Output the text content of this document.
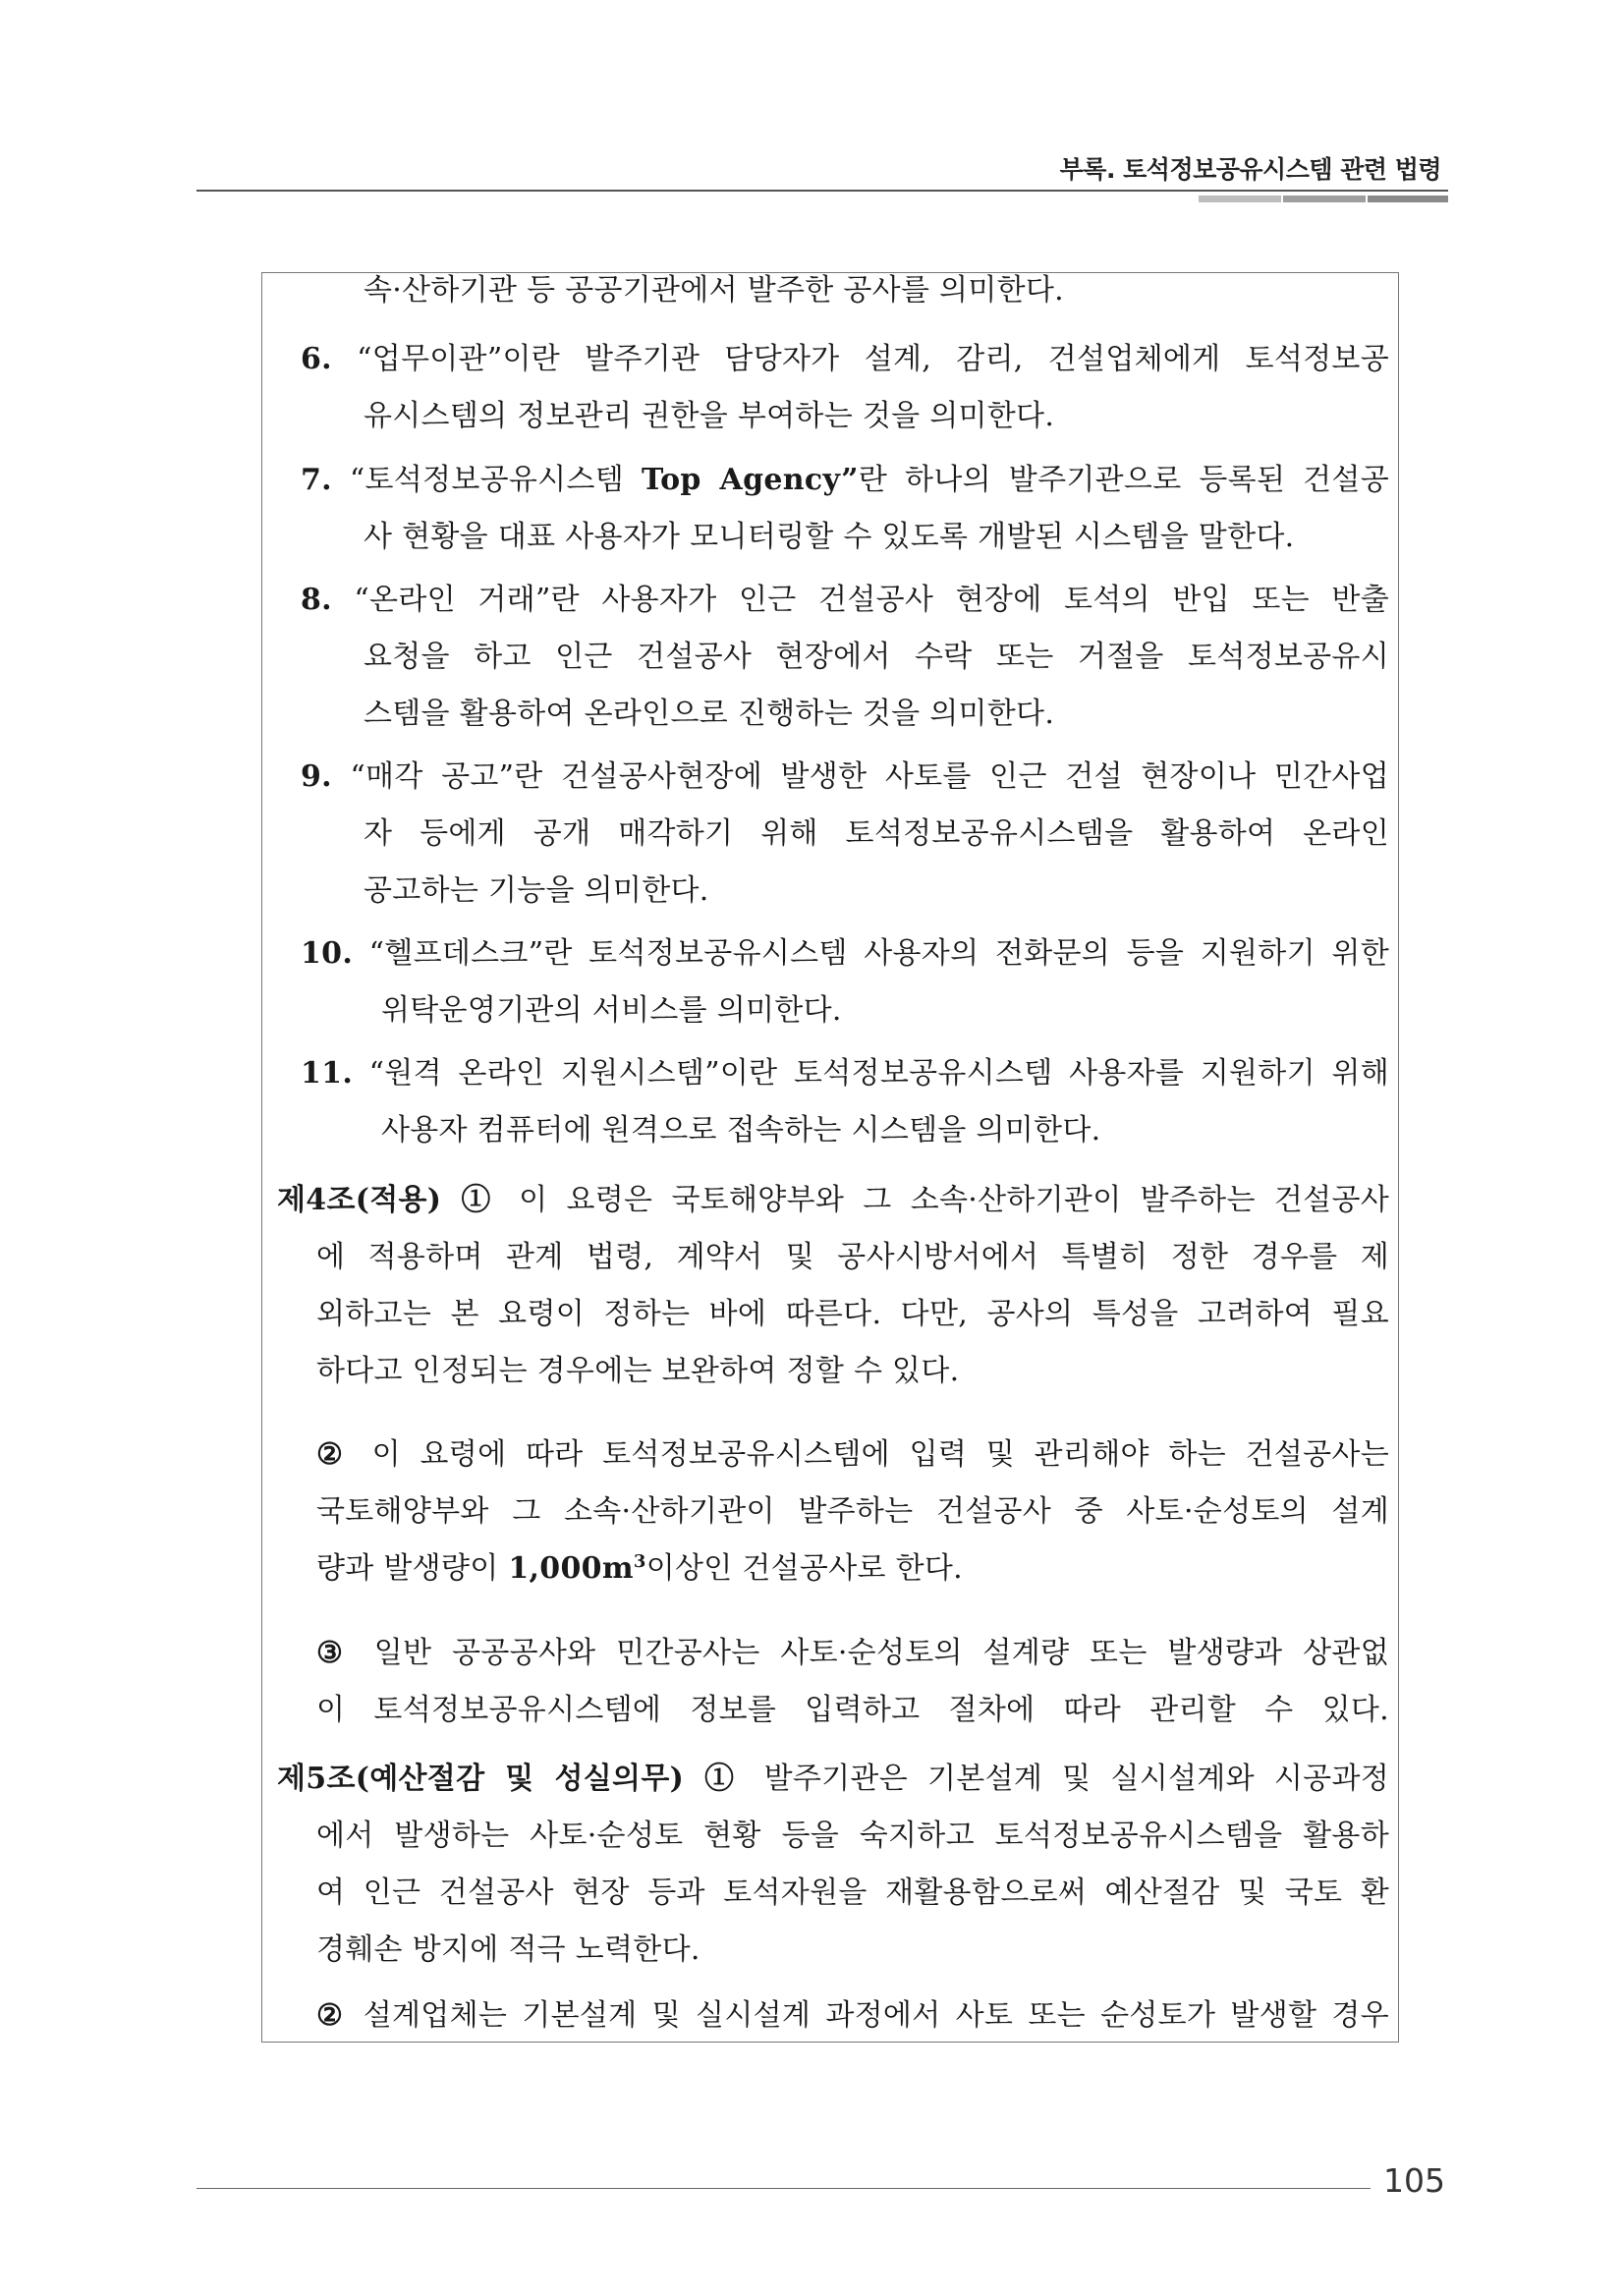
부록. 토석정보공유시스템 관련 법령
속·산하기관 등 공공기관에서 발주한 공사를 의미한다.
6. “업무이관”이란 발주기관 담당자가 설계, 감리, 건설업체에게 토석정보공
유시스템의 정보관리 권한을 부여하는 것을 의미한다.
7. “토석정보공유시스템 Top Agency”란 하나의 발주기관으로 등록된 건설공
사 현황을 대표 사용자가 모니터링할 수 있도록 개발된 시스템을 말한다.
8. “온라인 거래”란 사용자가 인근 건설공사 현장에 토석의 반입 또는 반출
요청을 하고 인근 건설공사 현장에서 수락 또는 거절을 토석정보공유시
스템을 활용하여 온라인으로 진행하는 것을 의미한다.
9. “매각 공고”란 건설공사현장에 발생한 사토를 인근 건설 현장이나 민간사업
자 등에게 공개 매각하기 위해 토석정보공유시스템을 활용하여 온라인
공고하는 기능을 의미한다.
10. “헬프데스크”란 토석정보공유시스템 사용자의 전화문의 등을 지원하기 위한
위탁운영기관의 서비스를 의미한다.
11. “원격 온라인 지원시스템”이란 토석정보공유시스템 사용자를 지원하기 위해
사용자 컴퓨터에 원격으로 접속하는 시스템을 의미한다.
제4조(적용) ① 이 요령은 국토해양부와 그 소속·산하기관이 발주하는 건설공사
에 적용하며 관계 법령, 계약서 및 공사시방서에서 특별히 정한 경우를 제
외하고는 본 요령이 정하는 바에 따른다. 다만, 공사의 특성을 고려하여 필요
하다고 인정되는 경우에는 보완하여 정할 수 있다.
② 이 요령에 따라 토석정보공유시스템에 입력 및 관리해야 하는 건설공사는
국토해양부와 그 소속·산하기관이 발주하는 건설공사 중 사토·순성토의 설계
량과 발생량이 $1,000m^3$이상인 건설공사로 한다.
③ 일반 공공공사와 민간공사는 사토·순성토의 설계량 또는 발생량과 상관없
이 토석정보공유시스템에 정보를 입력하고 절차에 따라 관리할 수 있다.
제5조(예산절감 및 성실의무) ① 발주기관은 기본설계 및 실시설계와 시공과정
에서 발생하는 사토·순성토 현황 등을 숙지하고 토석정보공유시스템을 활용하
여 인근 건설공사 현장 등과 토석자원을 재활용함으로써 예산절감 및 국토 환
경훼손 방지에 적극 노력한다.
② 설계업체는 기본설계 및 실시설계 과정에서 사토 또는 순성토가 발생할 경우
105
